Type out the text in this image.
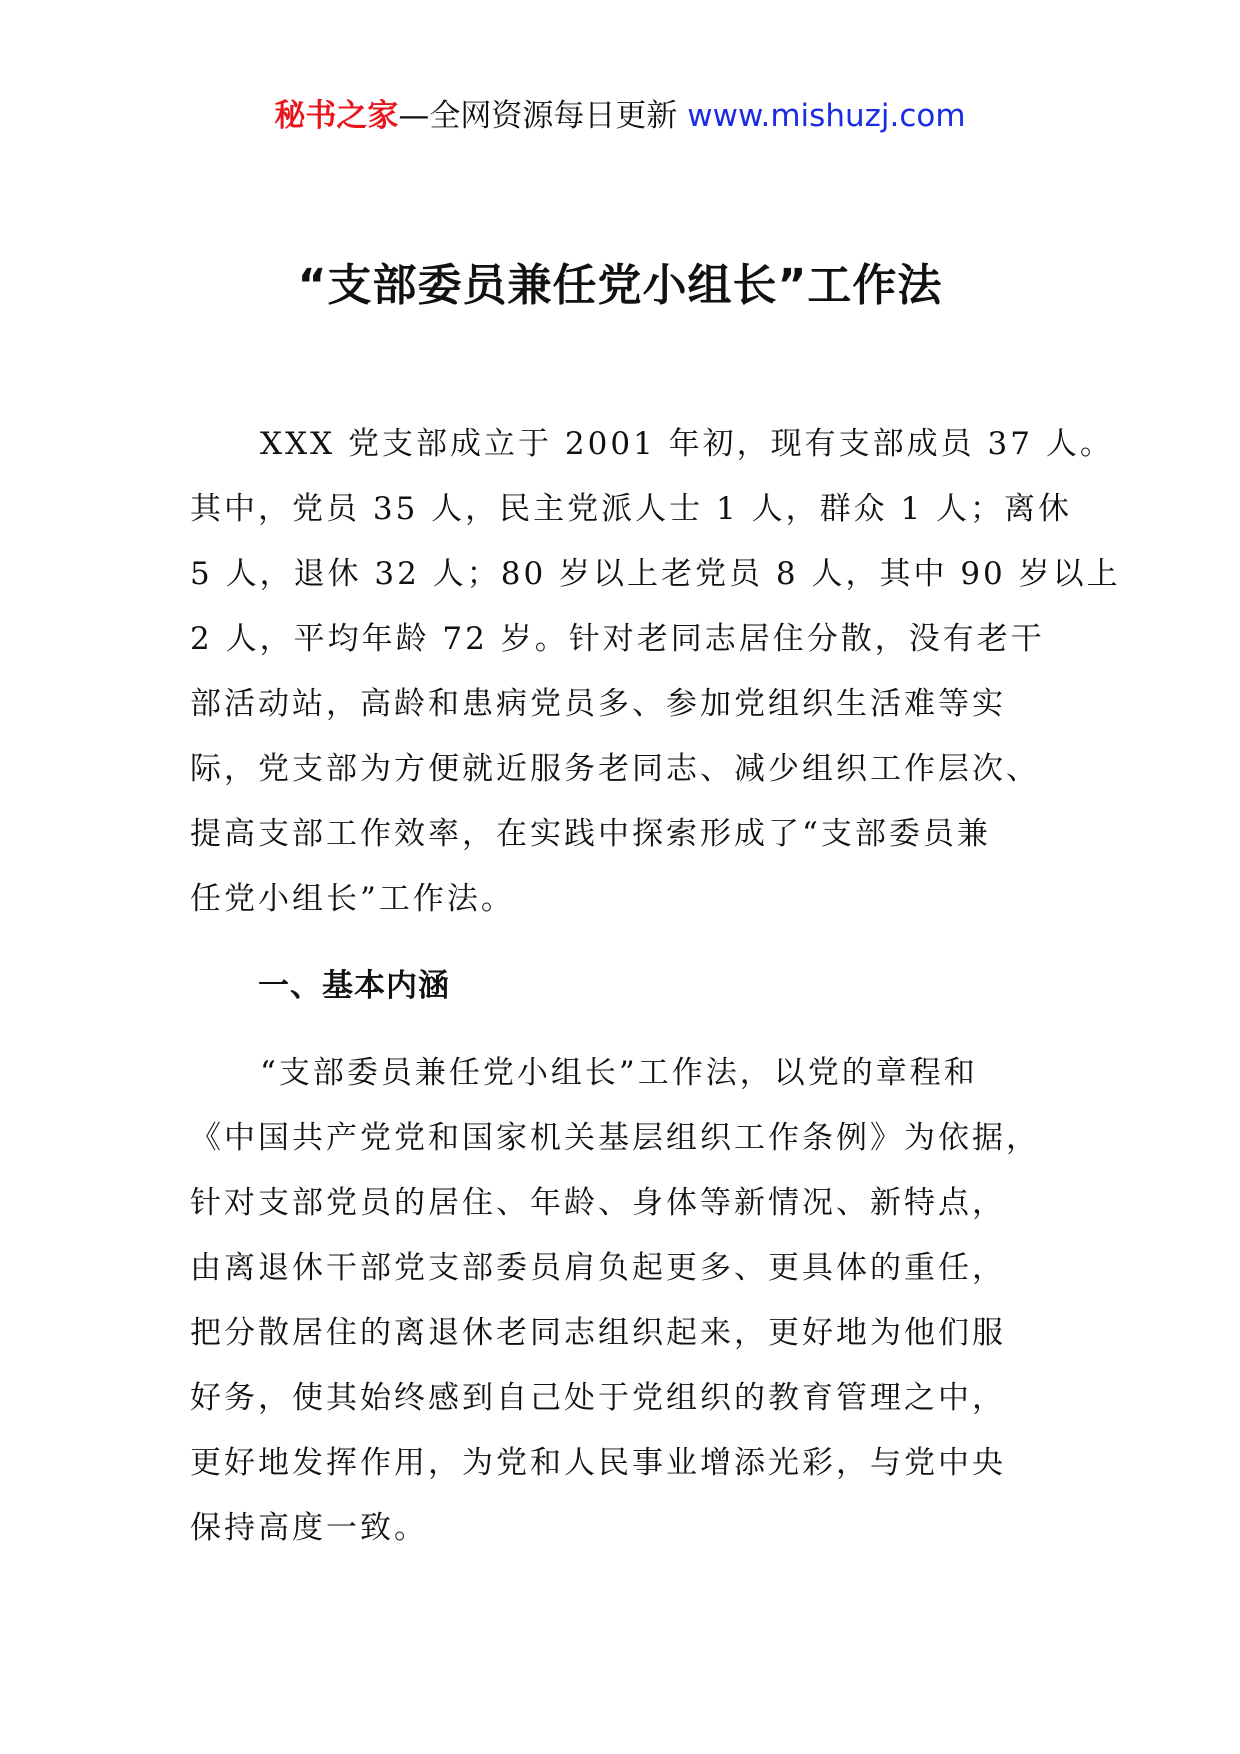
秘书之家—全网资源每日更新 www.mishuzj.com
“支部委员兼任党小组长”工作法

XXX 党支部成立于 2001 年初，现有支部成员 37 人。
其中，党员 35 人，民主党派人士 1 人，群众 1 人；离休
5 人，退休 32 人；80 岁以上老党员 8 人，其中 90 岁以上
2 人，平均年龄 72 岁。针对老同志居住分散，没有老干
部活动站，高龄和患病党员多、参加党组织生活难等实
际，党支部为方便就近服务老同志、减少组织工作层次、
提高支部工作效率，在实践中探索形成了“支部委员兼
任党小组长”工作法。

一、基本内涵

“支部委员兼任党小组长”工作法，以党的章程和
《中国共产党党和国家机关基层组织工作条例》为依据，
针对支部党员的居住、年龄、身体等新情况、新特点，
由离退休干部党支部委员肩负起更多、更具体的重任，
把分散居住的离退休老同志组织起来，更好地为他们服
好务，使其始终感到自己处于党组织的教育管理之中，
更好地发挥作用，为党和人民事业增添光彩，与党中央
保持高度一致。
